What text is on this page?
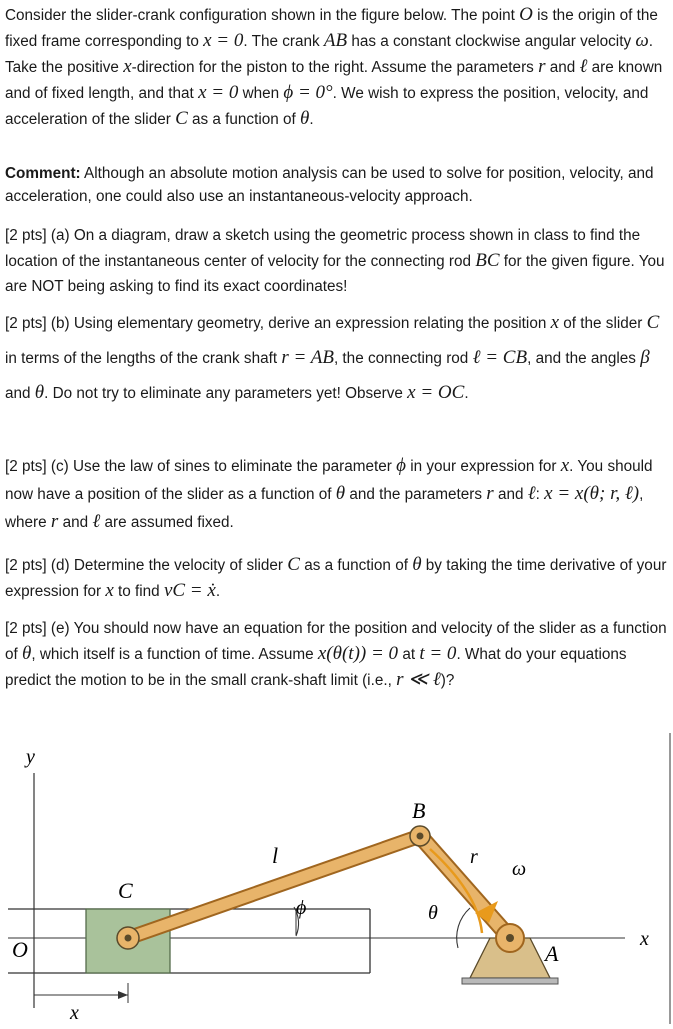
Consider the slider-crank configuration shown in the figure below. The point O is the origin of the fixed frame corresponding to x = 0. The crank AB has a constant clockwise angular velocity ω. Take the positive x-direction for the piston to the right. Assume the parameters r and ℓ are known and of fixed length, and that x = 0 when ϕ = 0°. We wish to express the position, velocity, and acceleration of the slider C as a function of θ.

Comment: Although an absolute motion analysis can be used to solve for position, velocity, and acceleration, one could also use an instantaneous-velocity approach.

[2 pts] (a) On a diagram, draw a sketch using the geometric process shown in class to find the location of the instantaneous center of velocity for the connecting rod BC for the given figure. You are NOT being asking to find its exact coordinates!

[2 pts] (b) Using elementary geometry, derive an expression relating the position x of the slider C in terms of the lengths of the crank shaft r = AB, the connecting rod ℓ = CB, and the angles β and θ. Do not try to eliminate any parameters yet! Observe x = OC.

[2 pts] (c) Use the law of sines to eliminate the parameter ϕ in your expression for x. You should now have a position of the slider as a function of θ and the parameters r and ℓ: x = x(θ; r, ℓ), where r and ℓ are assumed fixed.

[2 pts] (d) Determine the velocity of slider C as a function of θ by taking the time derivative of your expression for x to find vC = ẋ.

[2 pts] (e) You should now have an equation for the position and velocity of the slider as a function of θ, which itself is a function of time. Assume x(θ(t)) = 0 at t = 0. What do your equations predict the motion to be in the small crank-shaft limit (i.e., r ≪ ℓ)?

y
x
O
C
l
ϕ
B
r
ω
θ
A
x
